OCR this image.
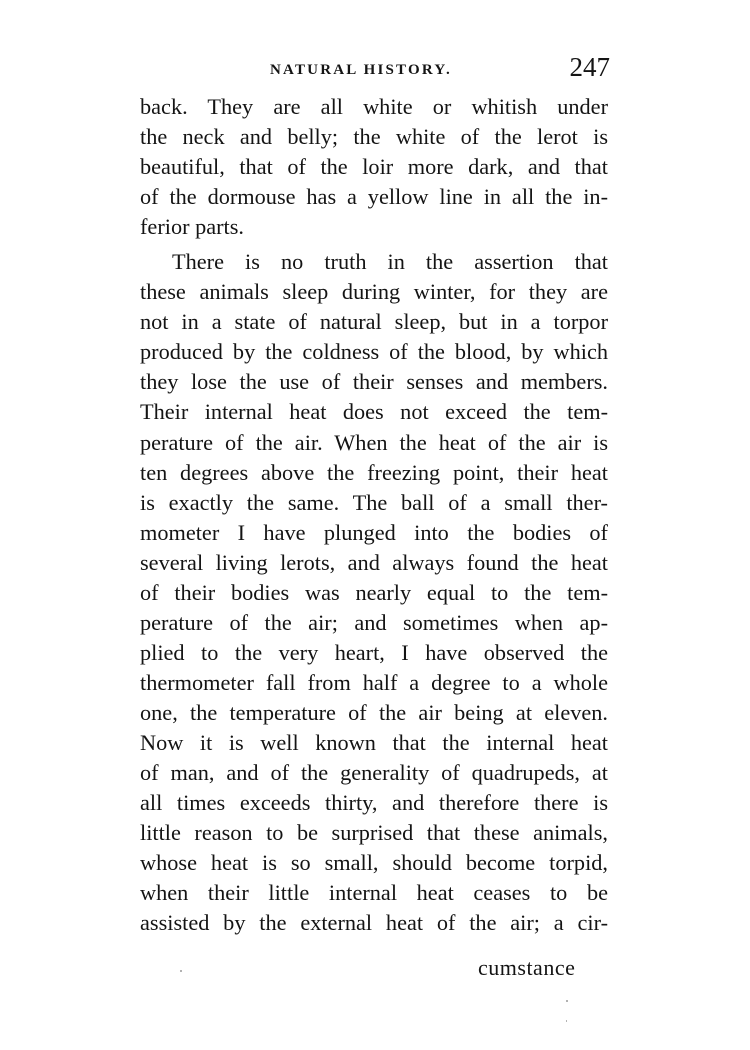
NATURAL HISTORY.	247
back. They are all white or whitish under
the neck and belly; the white of the lerot is
beautiful, that of the loir more dark, and that
of the dormouse has a yellow line in all the in-
ferior parts.
There is no truth in the assertion that
these animals sleep during winter, for they are
not in a state of natural sleep, but in a torpor
produced by the coldness of the blood, by which
they lose the use of their senses and members.
Their internal heat does not exceed the tem-
perature of the air. When the heat of the air is
ten degrees above the freezing point, their heat
is exactly the same. The ball of a small ther-
mometer I have plunged into the bodies of
several living lerots, and always found the heat
of their bodies was nearly equal to the tem-
perature of the air; and sometimes when ap-
plied to the very heart, I have observed the
thermometer fall from half a degree to a whole
one, the temperature of the air being at eleven.
Now it is well known that the internal heat
of man, and of the generality of quadrupeds, at
all times exceeds thirty, and therefore there is
little reason to be surprised that these animals,
whose heat is so small, should become torpid,
when their little internal heat ceases to be
assisted by the external heat of the air; a cir-
cumstance
